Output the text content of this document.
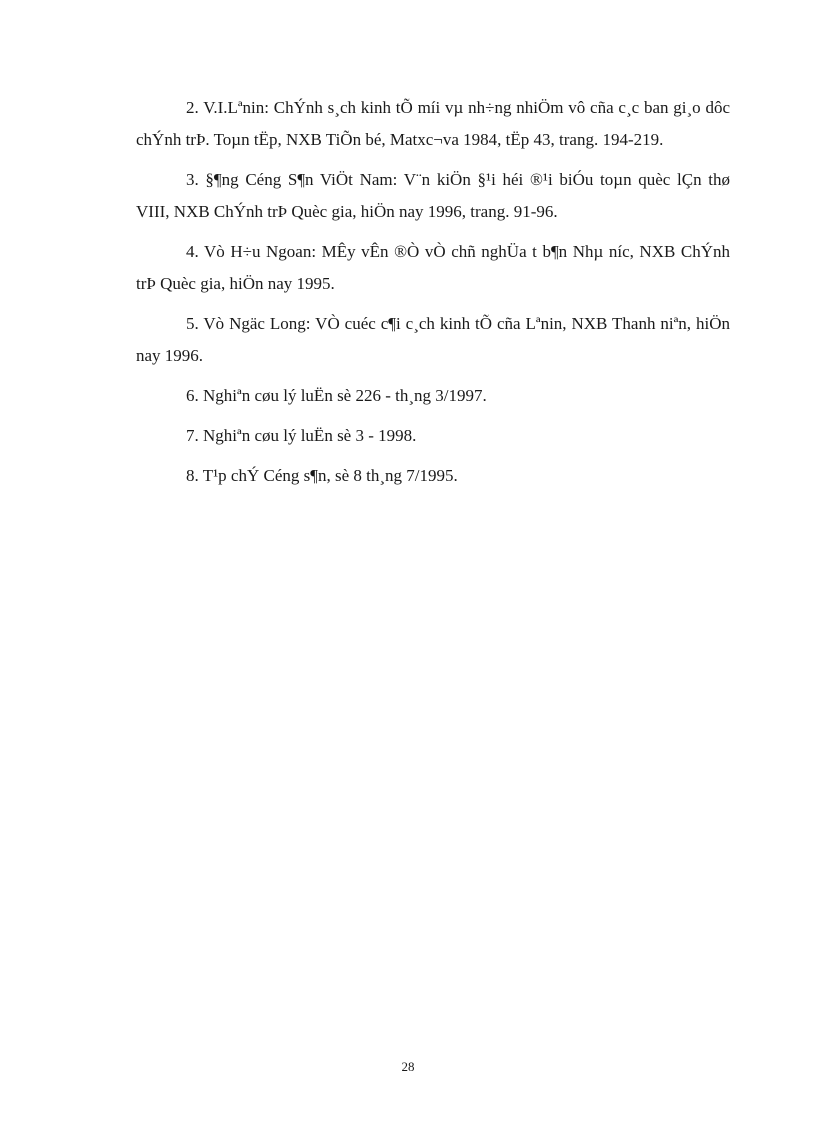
2. V.I.Lªnin: ChÝnh s¸ch kinh tÕ míi vµ nh÷ng nhiÖm vô cña c¸c ban gi¸o dôc chÝnh trÞ. Toµn tËp, NXB TiÕn bé, Matxc¬va 1984, tËp 43, trang. 194-219.

3. §¶ng Céng S¶n ViÖt Nam: V¨n kiÖn §¹i héi ®¹i biÓu toµn quèc lÇn thø VIII, NXB ChÝnh trÞ Quèc gia, hiÖn nay 1996, trang. 91-96.

4. Vò H÷u Ngoan: MÊy vÊn ®Ò vÒ chñ nghÜa t b¶n Nhµ níc, NXB ChÝnh trÞ Quèc gia, hiÖn nay 1995.

5. Vò Ngäc Long: VÒ cuéc c¶i c¸ch kinh tÕ cña Lªnin, NXB Thanh niªn, hiÖn nay 1996.

6. Nghiªn cøu lý luËn sè 226 - th¸ng 3/1997.

7. Nghiªn cøu lý luËn sè 3 - 1998.

8. T¹p chÝ Céng s¶n, sè 8 th¸ng 7/1995.

28
